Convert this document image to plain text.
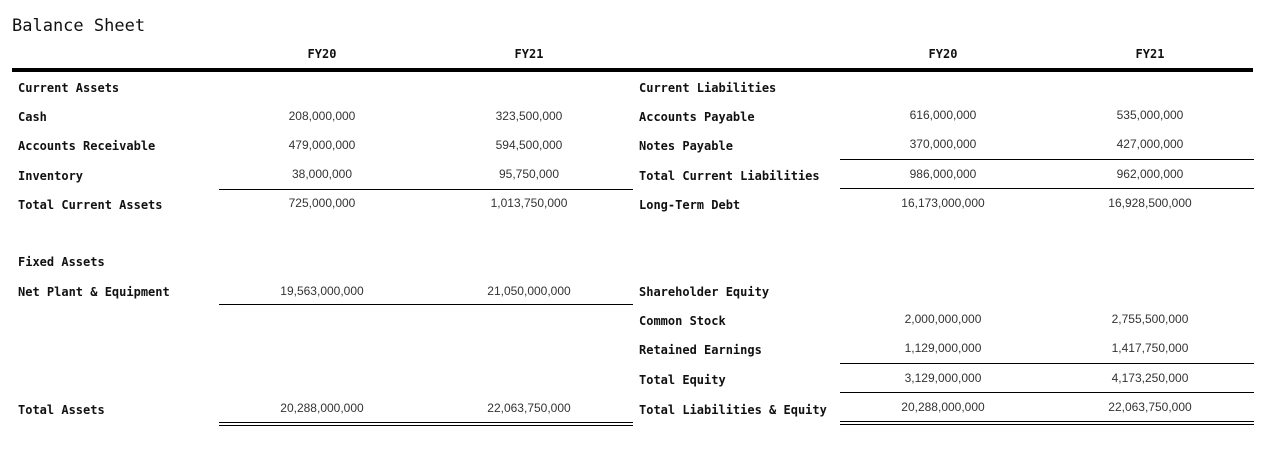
Balance Sheet
FY20	FY21	FY20	FY21
Current Assets
Cash	208,000,000	323,500,000
Accounts Receivable	479,000,000	594,500,000
Inventory	38,000,000	95,750,000
Total Current Assets	725,000,000	1,013,750,000
Fixed Assets
Net Plant & Equipment	19,563,000,000	21,050,000,000
Total Assets	20,288,000,000	22,063,750,000
Current Liabilities
Accounts Payable	616,000,000	535,000,000
Notes Payable	370,000,000	427,000,000
Total Current Liabilities	986,000,000	962,000,000
Long-Term Debt	16,173,000,000	16,928,500,000
Shareholder Equity
Common Stock	2,000,000,000	2,755,500,000
Retained Earnings	1,129,000,000	1,417,750,000
Total Equity	3,129,000,000	4,173,250,000
Total Liabilities & Equity	20,288,000,000	22,063,750,000
